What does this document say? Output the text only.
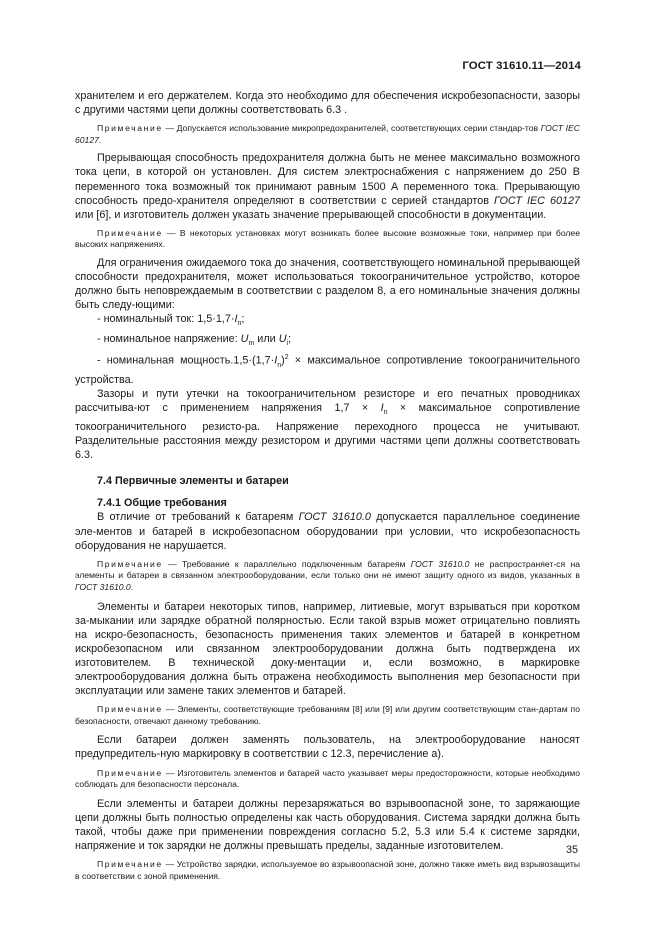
ГОСТ 31610.11—2014

хранителем и его держателем. Когда это необходимо для обеспечения искробезопасности, зазоры с другими частями цепи должны соответствовать 6.3 .

Примечание — Допускается использование микропредохранителей, соответствующих серии стандар-тов ГОСТ IEC 60127.

Прерывающая способность предохранителя должна быть не менее максимально возможного тока цепи, в которой он установлен. Для систем электроснабжения с напряжением до 250 В переменного тока возможный ток принимают равным 1500 А переменного тока. Прерывающую способность предо-хранителя определяют в соответствии с серией стандартов ГОСТ IEC 60127 или [6], и изготовитель должен указать значение прерывающей способности в документации.

Примечание — В некоторых установках могут возникать более высокие возможные токи, например при более высоких напряжениях.

Для ограничения ожидаемого тока до значения, соответствующего номинальной прерывающей способности предохранителя, может использоваться токоограничительное устройство, которое должно быть неповреждаемым в соответствии с разделом 8, а его номинальные значения должны быть следу-ющими:

- номинальный ток: $1,5\cdot 1,7\cdot I_n$;

- номинальное напряжение: $U_m$ или $U_i$;

- номинальная $мощность.1,5\cdot(1,7\cdot I_n)^2$ × максимальное сопротивление токоограничительного устройства.

Зазоры и пути утечки на токоограничительном резисторе и его печатных проводниках рассчитыва-ют с применением напряжения $1,7 \times I_n$ × максимальное сопротивление токоограничительного резисто-ра. Напряжение переходного процесса не учитывают. Разделительные расстояния между резистором и другими частями цепи должны соответствовать 6.3.

7.4 Первичные элементы и батареи
7.4.1 Общие требования

В отличие от требований к батареям ГОСТ 31610.0 допускается параллельное соединение эле-ментов и батарей в искробезопасном оборудовании при условии, что искробезопасность оборудования не нарушается.

Примечание — Требование к параллельно подключенным батареям ГОСТ 31610.0 не распространяет-ся на элементы и батареи в связанном электрооборудовании, если только они не имеют защиту одного из видов, указанных в ГОСТ 31610.0.

Элементы и батареи некоторых типов, например, литиевые, могут взрываться при коротком за-мыкании или зарядке обратной полярностью. Если такой взрыв может отрицательно повлиять на искро-безопасность, безопасность применения таких элементов и батарей в конкретном искробезопасном или связанном электрооборудовании должна быть подтверждена их изготовителем. В технической доку-ментации и, если возможно, в маркировке электрооборудования должна быть отражена необходимость выполнения мер безопасности при эксплуатации или замене таких элементов и батарей.

Примечание — Элементы, соответствующие требованиям [8] или [9] или другим соответствующим стан-дартам по безопасности, отвечают данному требованию.

Если батареи должен заменять пользователь, на электрооборудование наносят предупредитель-ную маркировку в соответствии с 12.3, перечисление а).

Примечание — Изготовитель элементов и батарей часто указывает меры предосторожности, которые необходимо соблюдать для безопасности персонала.

Если элементы и батареи должны перезаряжаться во взрывоопасной зоне, то заряжающие цепи должны быть полностью определены как часть оборудования. Система зарядки должна быть такой, чтобы даже при применении повреждения согласно 5.2, 5.3 или 5.4 к системе зарядки, напряжение и ток зарядки не должны превышать пределы, заданные изготовителем.

Примечание — Устройство зарядки, используемое во взрывоопасной зоне, должно также иметь вид взрывозащиты в соответствии с зоной применения.

35
